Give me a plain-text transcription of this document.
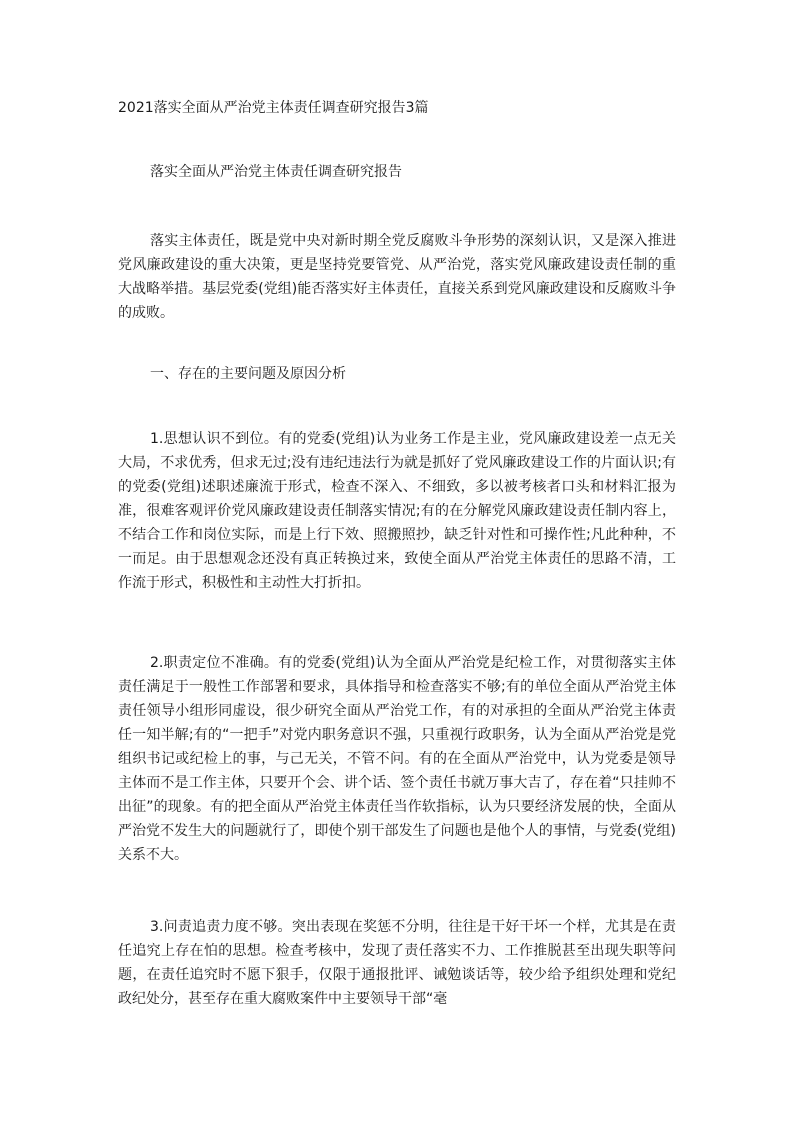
2021落实全面从严治党主体责任调查研究报告3篇
落实全面从严治党主体责任调查研究报告

落实主体责任，既是党中央对新时期全党反腐败斗争形势的深刻认识，又是深入推进党风廉政建设的重大决策，更是坚持党要管党、从严治党，落实党风廉政建设责任制的重大战略举措。基层党委(党组)能否落实好主体责任，直接关系到党风廉政建设和反腐败斗争的成败。

一、存在的主要问题及原因分析

1.思想认识不到位。有的党委(党组)认为业务工作是主业，党风廉政建设差一点无关大局，不求优秀，但求无过;没有违纪违法行为就是抓好了党风廉政建设工作的片面认识;有的党委(党组)述职述廉流于形式，检查不深入、不细致，多以被考核者口头和材料汇报为准，很难客观评价党风廉政建设责任制落实情况;有的在分解党风廉政建设责任制内容上，不结合工作和岗位实际，而是上行下效、照搬照抄，缺乏针对性和可操作性;凡此种种，不一而足。由于思想观念还没有真正转换过来，致使全面从严治党主体责任的思路不清，工作流于形式，积极性和主动性大打折扣。

2.职责定位不准确。有的党委(党组)认为全面从严治党是纪检工作，对贯彻落实主体责任满足于一般性工作部署和要求，具体指导和检查落实不够;有的单位全面从严治党主体责任领导小组形同虚设，很少研究全面从严治党工作，有的对承担的全面从严治党主体责任一知半解;有的“一把手”对党内职务意识不强，只重视行政职务，认为全面从严治党是党组织书记或纪检上的事，与己无关，不管不问。有的在全面从严治党中，认为党委是领导主体而不是工作主体，只要开个会、讲个话、签个责任书就万事大吉了，存在着“只挂帅不出征”的现象。有的把全面从严治党主体责任当作软指标，认为只要经济发展的快，全面从严治党不发生大的问题就行了，即使个别干部发生了问题也是他个人的事情，与党委(党组)关系不大。

3.问责追责力度不够。突出表现在奖惩不分明，往往是干好干坏一个样，尤其是在责任追究上存在怕的思想。检查考核中，发现了责任落实不力、工作推脱甚至出现失职等问题，在责任追究时不愿下狠手，仅限于通报批评、诫勉谈话等，较少给予组织处理和党纪政纪处分，甚至存在重大腐败案件中主要领导干部“毫
